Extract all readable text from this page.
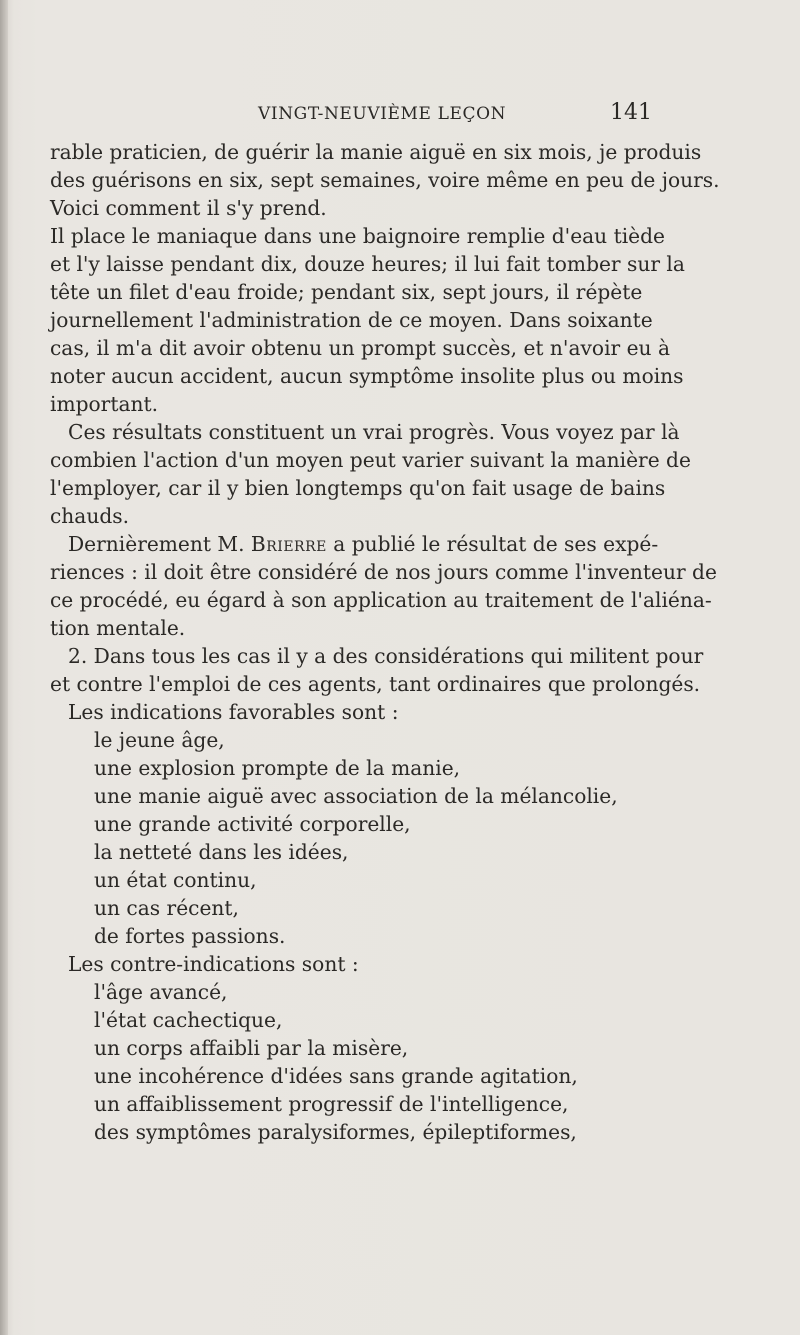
VINGT-NEUVIÈME LEÇON	141
rable praticien, de guérir la manie aiguë en six mois, je produis
des guérisons en six, sept semaines, voire même en peu de jours.
Voici comment il s'y prend.
Il place le maniaque dans une baignoire remplie d'eau tiède
et l'y laisse pendant dix, douze heures; il lui fait tomber sur la
tête un filet d'eau froide; pendant six, sept jours, il répète
journellement l'administration de ce moyen. Dans soixante
cas, il m'a dit avoir obtenu un prompt succès, et n'avoir eu à
noter aucun accident, aucun symptôme insolite plus ou moins
important.
Ces résultats constituent un vrai progrès. Vous voyez par là
combien l'action d'un moyen peut varier suivant la manière de
l'employer, car il y bien longtemps qu'on fait usage de bains
chauds.
Dernièrement M. Brierre a publié le résultat de ses expé-
riences : il doit être considéré de nos jours comme l'inventeur de
ce procédé, eu égard à son application au traitement de l'aliéna-
tion mentale.
2. Dans tous les cas il y a des considérations qui militent pour
et contre l'emploi de ces agents, tant ordinaires que prolongés.
Les indications favorables sont :
le jeune âge,
une explosion prompte de la manie,
une manie aiguë avec association de la mélancolie,
une grande activité corporelle,
la netteté dans les idées,
un état continu,
un cas récent,
de fortes passions.
Les contre-indications sont :
l'âge avancé,
l'état cachectique,
un corps affaibli par la misère,
une incohérence d'idées sans grande agitation,
un affaiblissement progressif de l'intelligence,
des symptômes paralysiformes, épileptiformes,
